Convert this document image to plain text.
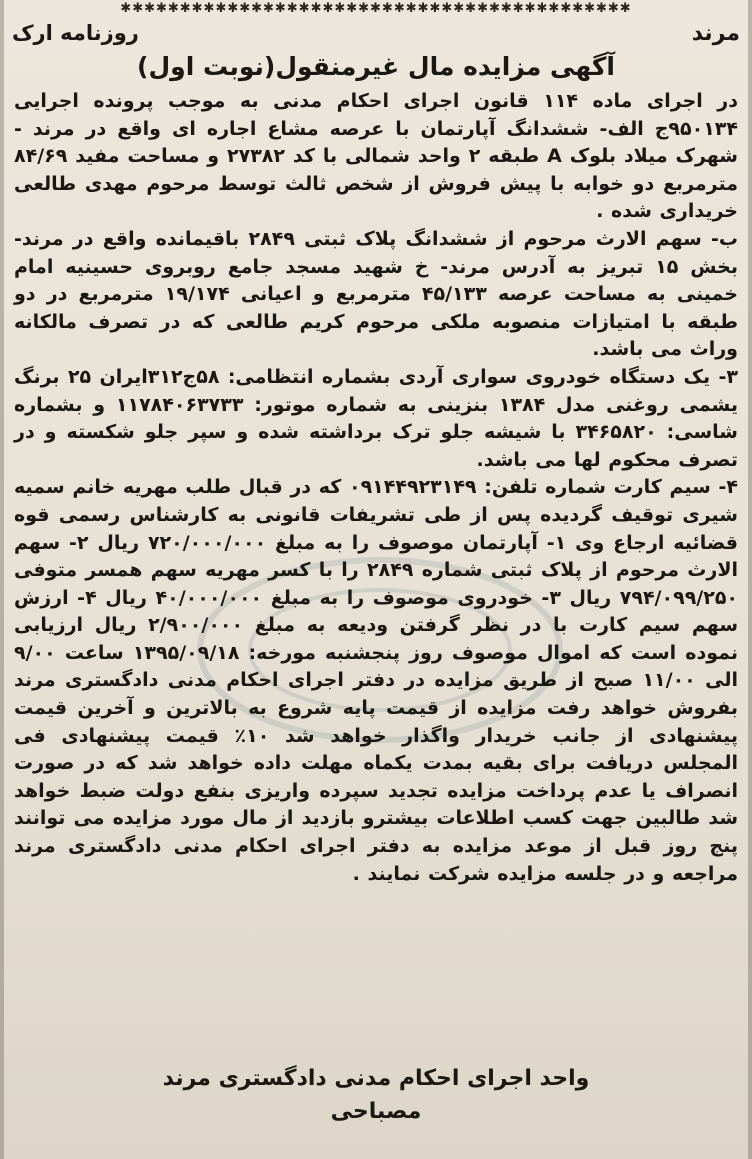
✱✱✱✱✱✱✱✱✱✱✱✱✱✱✱✱✱✱✱✱✱✱✱✱✱✱✱✱✱✱✱✱✱✱✱✱✱✱✱✱✱✱✱
مرند
روزنامه ارک
آگهی مزایده مال غیرمنقول(نوبت اول)

در اجرای ماده ۱۱۴ قانون اجرای احکام مدنی به موجب پرونده اجرایی ۹۵۰۱۳۴ج الف- ششدانگ آپارتمان با عرصه مشاع اجاره ای واقع در مرند - شهرک میلاد بلوک A طبقه ۲ واحد شمالی با کد ۲۷۳۸۲ و مساحت مفید ۸۴/۶۹ مترمربع دو خوابه با پیش فروش از شخص ثالث توسط مرحوم مهدی طالعی خریداری شده .

ب- سهم الارث مرحوم از ششدانگ پلاک ثبتی ۲۸۴۹ باقیمانده واقع در مرند- بخش ۱۵ تبریز به آدرس مرند- خ شهید مسجد جامع روبروی حسینیه امام خمینی به مساحت عرصه ۴۵/۱۳۳ مترمربع و اعیانی ۱۹/۱۷۴ مترمربع در دو طبقه با امتیازات منصوبه ملکی مرحوم کریم طالعی که در تصرف مالکانه وراث می باشد.

۳- یک دستگاه خودروی سواری آردی بشماره انتظامی: ۵۸ج۳۱۲ایران ۲۵ برنگ یشمی روغنی مدل ۱۳۸۴ بنزینی به شماره موتور: ۱۱۷۸۴۰۶۳۷۳۳ و بشماره شاسی: ۳۴۶۵۸۲۰ با شیشه جلو ترک برداشته شده و سپر جلو شکسته و در تصرف محکوم لها می باشد.

۴- سیم کارت شماره تلفن: ۰۹۱۴۴۹۲۳۱۴۹ که در قبال طلب مهریه خانم سمیه شیری توقیف گردیده پس از طی تشریفات قانونی به کارشناس رسمی قوه قضائیه ارجاع وی ۱- آپارتمان موصوف را به مبلغ ۷۲۰/۰۰۰/۰۰۰ ریال ۲- سهم الارث مرحوم از پلاک ثبتی شماره ۲۸۴۹ را با کسر مهریه سهم همسر متوفی ۷۹۴/۰۹۹/۲۵۰ ریال ۳- خودروی موصوف را به مبلغ ۴۰/۰۰۰/۰۰۰ ریال ۴- ارزش سهم سیم کارت با در نظر گرفتن ودیعه به مبلغ ۲/۹۰۰/۰۰۰ ریال ارزیابی نموده است که اموال موصوف روز پنجشنبه مورخه: ۱۳۹۵/۰۹/۱۸ ساعت ۹/۰۰ الی ۱۱/۰۰ صبح از طریق مزایده در دفتر اجرای احکام مدنی دادگستری مرند بفروش خواهد رفت مزایده از قیمت پایه شروع به بالاترین و آخرین قیمت پیشنهادی از جانب خریدار واگذار خواهد شد ۱۰٪ قیمت پیشنهادی فی المجلس دریافت برای بقیه بمدت یکماه مهلت داده خواهد شد که در صورت انصراف یا عدم پرداخت مزایده تجدید سپرده واریزی بنفع دولت ضبط خواهد شد طالبین جهت کسب اطلاعات بیشترو بازدید از مال مورد مزایده می توانند پنج روز قبل از موعد مزایده به دفتر اجرای احکام مدنی دادگستری مرند مراجعه و در جلسه مزایده شرکت نمایند .

واحد اجرای احکام مدنی دادگستری مرند
مصباحی
